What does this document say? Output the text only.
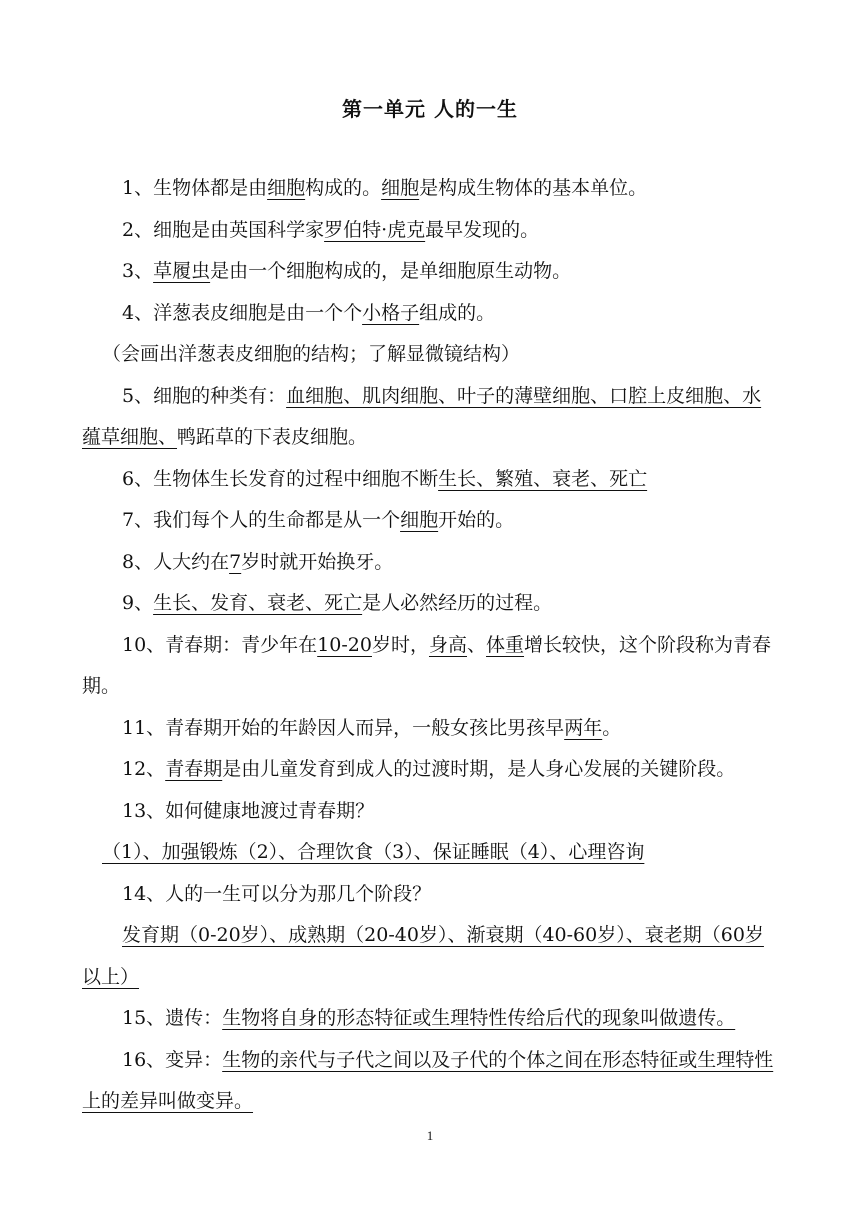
第一单元 人的一生

1、生物体都是由细胞构成的。细胞是构成生物体的基本单位。

2、细胞是由英国科学家罗伯特·虎克最早发现的。

3、草履虫是由一个细胞构成的，是单细胞原生动物。

4、洋葱表皮细胞是由一个个小格子组成的。

（会画出洋葱表皮细胞的结构；了解显微镜结构）

5、细胞的种类有：血细胞、肌肉细胞、叶子的薄壁细胞、口腔上皮细胞、水蕴草细胞、鸭跖草的下表皮细胞。

6、生物体生长发育的过程中细胞不断生长、繁殖、衰老、死亡

7、我们每个人的生命都是从一个细胞开始的。

8、人大约在7岁时就开始换牙。

9、生长、发育、衰老、死亡是人必然经历的过程。

10、青春期：青少年在10-20岁时，身高、体重增长较快，这个阶段称为青春期。

11、青春期开始的年龄因人而异，一般女孩比男孩早两年。

12、青春期是由儿童发育到成人的过渡时期，是人身心发展的关键阶段。

13、如何健康地渡过青春期？

（1）、加强锻炼（2）、合理饮食（3）、保证睡眠（4）、心理咨询

14、人的一生可以分为那几个阶段？

发育期（0-20岁）、成熟期（20-40岁）、渐衰期（40-60岁）、衰老期（60岁以上）

15、遗传：生物将自身的形态特征或生理特性传给后代的现象叫做遗传。

16、变异：生物的亲代与子代之间以及子代的个体之间在形态特征或生理特性上的差异叫做变异。

1
